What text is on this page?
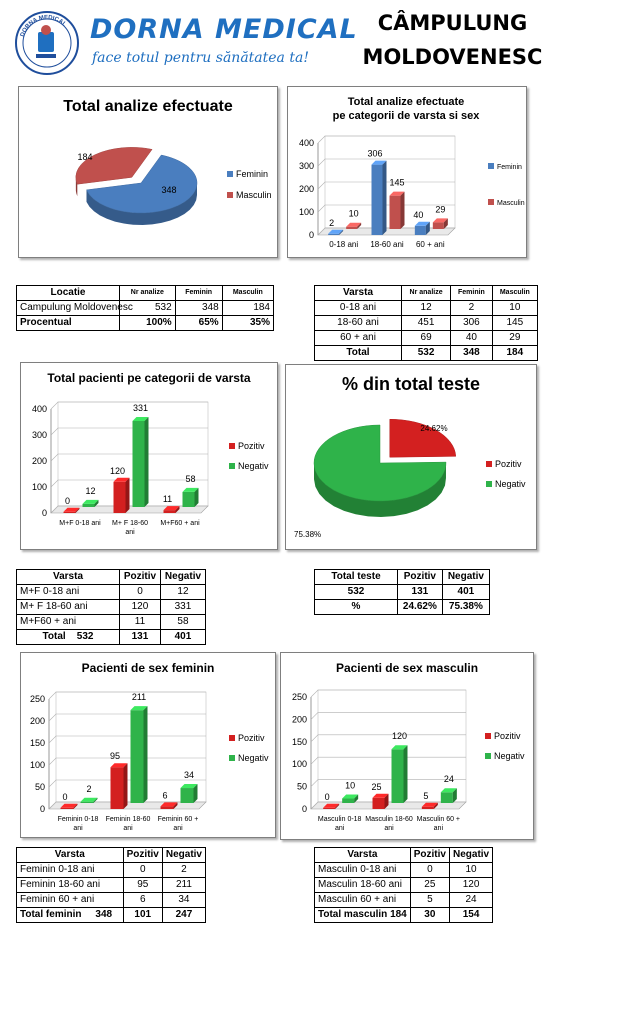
DORNA MEDICAL DORNA MEDICAL
face totul pentru sănătatea ta!
CÂMPULUNG
MOLDOVENESC
Total analize efectuate
348
184
Feminin
Masculin
0
100
200
300
400
2
10
0-18 ani
306
145
18-60 ani
40
29
60 + ani
Feminin
Masculin
Total analize efectuate
pe categorii de varsta si sex
Locatie	Nr analize	Feminin	Masculin
Campulung Moldovenesc	532	348	184
Procentual	100%	65%	35%
Varsta	Nr analize	Feminin	Masculin
0-18 ani	12	2	10
18-60 ani	451	306	145
60 + ani	69	40	29
Total	532	348	184
Total pacienti pe categorii de varsta
0
100
200
300
400
0
12
M+F 0-18 ani
120
331
M+ F 18-60
ani
11
58
M+F60 + ani
Pozitiv
Negativ
% din total teste
24.62%
75.38%
Pozitiv
Negativ
Varsta	Pozitiv	Negativ
M+F 0-18 ani	0	12
M+ F 18-60 ani	120	331
M+F60 + ani	11	58
Total 532	131	401
Total teste	Pozitiv	Negativ
532	131	401
%	24.62%	75.38%
Pacienti de sex feminin
0
50
100
150
200
250
0
2
Feminin 0-18
ani
95
211
Feminin 18-60
ani
6
34
Feminin 60 +
ani
Pozitiv
Negativ
Pacienti de sex masculin
0
50
100
150
200
250
0
10
Masculin 0-18
ani
25
120
Masculin 18-60
ani
5
24
Masculin 60 +
ani
Pozitiv
Negativ
Varsta	Pozitiv	Negativ
Feminin 0-18 ani	0	2
Feminin 18-60 ani	95	211
Feminin 60 + ani	6	34
Total feminin 348	101	247
Varsta	Pozitiv	Negativ
Masculin 0-18 ani	0	10
Masculin 18-60 ani	25	120
Masculin 60 + ani	5	24
Total masculin 184	30	154
